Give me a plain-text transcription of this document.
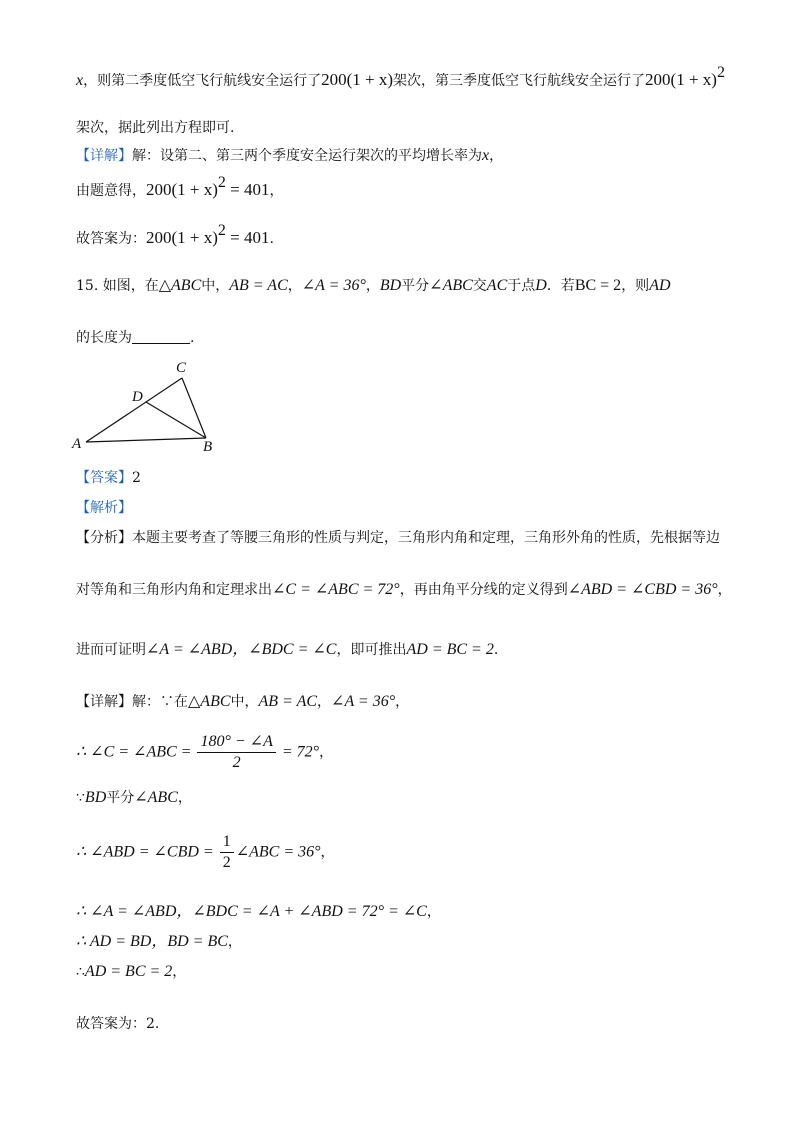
x，则第二季度低空飞行航线安全运行了200(1 + x)架次，第三季度低空飞行航线安全运行了$200(1 + x)^2$
架次，据此列出方程即可.
【详解】解：设第二、第三两个季度安全运行架次的平均增长率为x，
由题意得，$200(1 + x)^2 = 401$，
故答案为：$200(1 + x)^2 = 401$.
15. 如图，在△ABC中，AB = AC，∠A = 36°，BD平分∠ABC交AC于点D．若BC = 2，则AD
的长度为	.
A	B
C
D
【答案】2
【解析】
【分析】本题主要考查了等腰三角形的性质与判定，三角形内角和定理，三角形外角的性质，先根据等边
对等角和三角形内角和定理求出∠C = ∠ABC = 72°，再由角平分线的定义得到∠ABD = ∠CBD = 36°，
进而可证明∠A = ∠ABD，∠BDC = ∠C，即可推出AD = BC = 2.
【详解】解：∵在△ABC中，AB = AC，∠A = 36°，
∴ ∠C = ∠ABC = $\frac{180^\circ - \angle A}{2} = 72^\circ$，
∵BD平分∠ABC，
∴ ∠ABD = ∠CBD = $\frac{1}{2}$ ∠ABC = 36°，
∴ ∠A = ∠ABD，∠BDC = ∠A + ∠ABD = 72° = ∠C，
∴ AD = BD，BD = BC，
∴AD = BC = 2，
故答案为：2.
